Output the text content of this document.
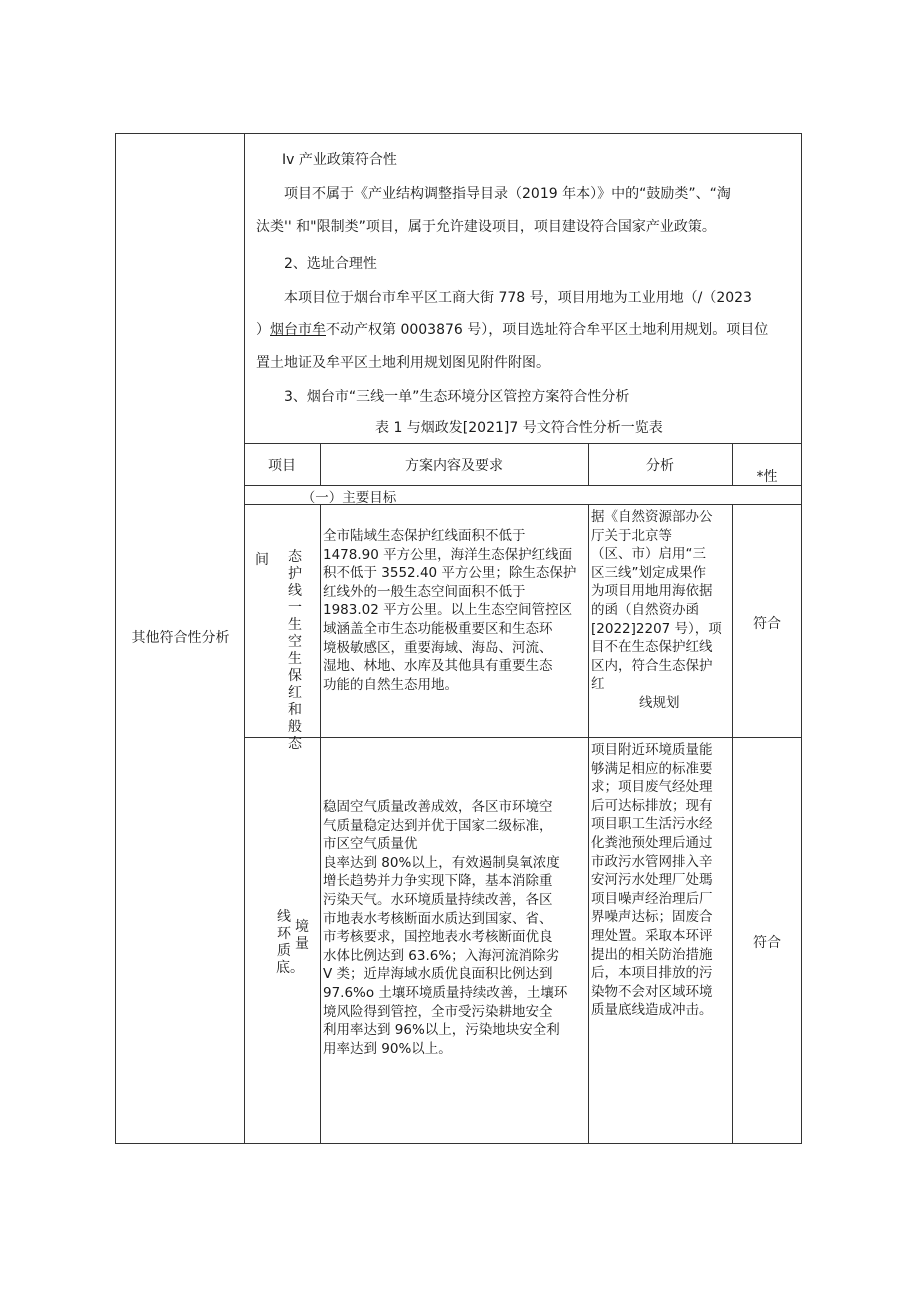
其他符合性分析
Iv 产业政策符合性
项目不属于《产业结构调整指导目录（2019 年本）》中的“鼓励类”、“淘
汰类'' 和"限制类”项目，属于允许建设项目，项目建设符合国家产业政策。
2、选址合理性
本项目位于烟台市牟平区工商大街 778 号，项目用地为工业用地（/（2023
）烟台市牟不动产权第 0003876 号），项目选址符合牟平区土地利用规划。项目位
置土地证及牟平区土地利用规划图见附件附图。
3、烟台市“三线一单”生态环境分区管控方案符合性分析
表 1 与烟政发[2021]7 号文符合性分析一览表
项目	方案内容及要求	分析
*性
（一）主要目标
间 态护线一生空生保红和般态
全市陆域生态保护红线面积不低于
1478.90 平方公里，海洋生态保护红线面
积不低于 3552.40 平方公里；除生态保护
红线外的一般生态空间面积不低于
1983.02 平方公里。以上生态空间管控区
域涵盖全市生态功能极重要区和生态环
境极敏感区，重要海域、海岛、河流、
湿地、林地、水库及其他具有重要生态
功能的自然生态用地。
据《自然资源部办公
厅关于北京等
（区、市）启用“三
区三线”划定成果作
为项目用地用海依据
的函（自然资办函
[2022]2207 号），项
目不在生态保护红线
区内，符合生态保护
红
线规划
符合
线环质底。
境量
稳固空气质量改善成效，各区市环境空
气质量稳定达到并优于国家二级标准，
市区空气质量优
良率达到 80%以上，有效遏制臭氧浓度
增长趋势并力争实现下降，基本消除重
污染天气。水环境质量持续改善，各区
市地表水考核断面水质达到国家、省、
市考核要求，国控地表水考核断面优良
水体比例达到 63.6%；入海河流消除劣
V 类；近岸海域水质优良面积比例达到
97.6%o 土壤环境质量持续改善，土壤环
境风险得到管控，全市受污染耕地安全
利用率达到 96%以上，污染地块安全利
用率达到 90%以上。
项目附近环境质量能
够满足相应的标准要
求；项目废气经处理
后可达标排放；现有
项目职工生活污水经
化粪池预处理后通过
市政污水管网排入辛
安河污水处理厂处瑪
项目噪声经治理后厂
界噪声达标；固废合
理处置。采取本环评
提出的相关防治措施
后，本项目排放的污
染物不会对区域环境
质量底线造成冲击。
符合
